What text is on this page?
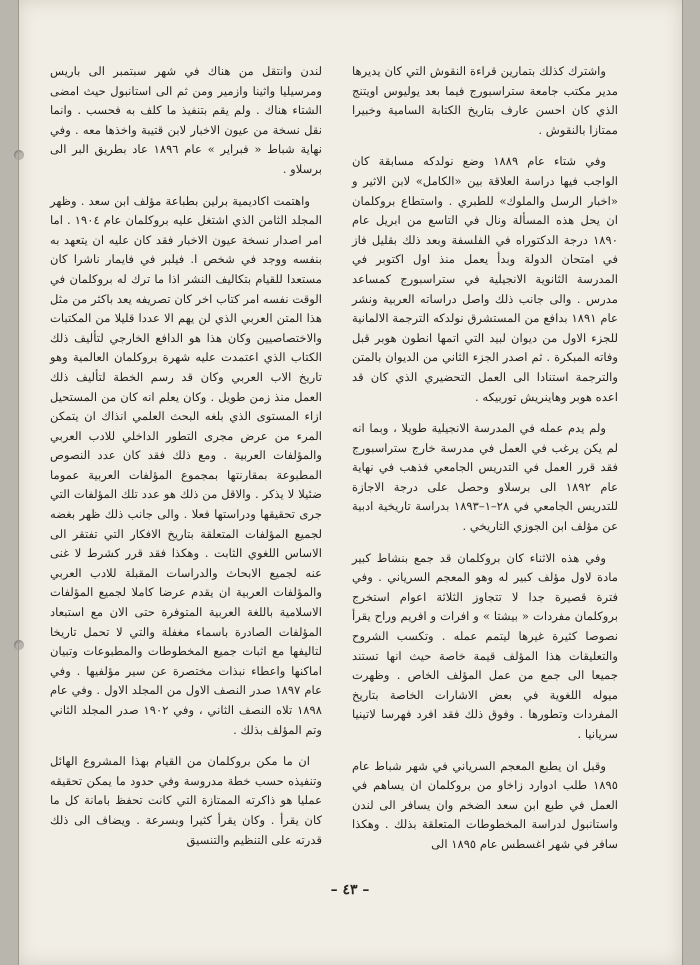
واشترك كذلك بتمارين قراءة النقوش التي كان يديرها مدير مكتب جامعة ستراسبورج فيما بعد يوليوس اويتنج الذي كان احسن عارف بتاريخ الكتابة السامية وخبيرا ممتازا بالنقوش .

وفي شتاء عام ١٨٨٩ وضع نولدكه مسابقة كان الواجب فيها دراسة العلاقة بين «الكامل» لابن الاثير و «اخبار الرسل والملوك» للطبري . واستطاع بروكلمان ان يحل هذه المسألة ونال في التاسع من ابريل عام ١٨٩٠ درجة الدكتوراه في الفلسفة وبعد ذلك بقليل فاز في امتحان الدولة وبدأ يعمل منذ اول اكتوبر في المدرسة الثانوية الانجيلية في ستراسبورج كمساعد مدرس . والى جانب ذلك واصل دراساته العربية ونشر عام ١٨٩١ بدافع من المستشرق نولدكه الترجمة الالمانية للجزء الاول من ديوان لبيد التي اتمها انطون هوبر قبل وفاته المبكرة . ثم اصدر الجزء الثاني من الديوان بالمتن والترجمة استنادا الى العمل التحضيري الذي كان قد اعده هوبر وهاينريش توربيكه .

ولم يدم عمله في المدرسة الانجيلية طويلا ، وبما انه لم يكن يرغب في العمل في مدرسة خارج ستراسبورج فقد قرر العمل في التدريس الجامعي فذهب في نهاية عام ١٨٩٢ الى برسلاو وحصل على درجة الاجازة للتدريس الجامعي في ٢٨–١–١٨٩٣ بدراسة تاريخية ادبية عن مؤلف ابن الجوزي التاريخي .

وفي هذه الاثناء كان بروكلمان قد جمع بنشاط كبير مادة لاول مؤلف كبير له وهو المعجم السرياني . وفي فترة قصيرة جدا لا تتجاوز الثلاثة اعوام استخرج بروكلمان مفردات « بيشتا » و افرات و افريم وراح يقرأ نصوصا كثيرة غيرها ليتمم عمله . وتكسب الشروح والتعليقات هذا المؤلف قيمة خاصة حيث انها تستند جميعا الى جمع من عمل المؤلف الخاص . وظهرت ميوله اللغوية في بعض الاشارات الخاصة بتاريخ المفردات وتطورها . وفوق ذلك فقد افرد فهرسا لاتينيا سريانيا .

وقبل ان يطبع المعجم السرياني في شهر شباط عام ١٨٩٥ طلب ادوارد زاخاو من بروكلمان ان يساهم في العمل في طبع ابن سعد الضخم وان يسافر الى لندن واستانبول لدراسة المخطوطات المتعلقة بذلك . وهكذا سافر في شهر اغسطس عام ١٨٩٥ الى

لندن وانتقل من هناك في شهر سبتمبر الى باريس ومرسيليا واثينا وازمير ومن ثم الى استانبول حيث امضى الشتاء هناك . ولم يقم بتنفيذ ما كلف به فحسب . وانما نقل نسخة من عيون الاخبار لابن قتيبة واخذها معه . وفي نهاية شباط « فبراير » عام ١٨٩٦ عاد بطريق البر الى برسلاو .

واهتمت اكاديمية برلين بطباعة مؤلف ابن سعد . وظهر المجلد الثامن الذي اشتغل عليه بروكلمان عام ١٩٠٤ . اما امر اصدار نسخة عيون الاخبار فقد كان عليه ان يتعهد به بنفسه ووجد في شخص ا. فيلبر في فايمار ناشرا كان مستعدا للقيام بتكاليف النشر اذا ما ترك له بروكلمان في الوقت نفسه امر كتاب اخر كان تصريفه يعد باكثر من مثل هذا المتن العربي الذي لن يهم الا عددا قليلا من المكتبات والاختصاصيين وكان هذا هو الدافع الخارجي لتأليف ذلك الكتاب الذي اعتمدت عليه شهرة بروكلمان العالمية وهو تاريخ الاب العربي وكان قد رسم الخطة لتأليف ذلك العمل منذ زمن طويل . وكان يعلم انه كان من المستحيل ازاء المستوى الذي بلغه البحث العلمي انذاك ان يتمكن المرء من عرض مجرى التطور الداخلي للادب العربي والمؤلفات العربية . ومع ذلك فقد كان عدد النصوص المطبوعة بمقارنتها بمجموع المؤلفات العربية عموما ضئيلا لا يذكر . والاقل من ذلك هو عدد تلك المؤلفات التي جرى تحقيقها ودراستها فعلا . والى جانب ذلك ظهر بغضه لجميع المؤلفات المتعلقة بتاريخ الافكار التي تفتقر الى الاساس اللغوي الثابت . وهكذا فقد قرر كشرط لا غنى عنه لجميع الابحاث والدراسات المقبلة للادب العربي والمؤلفات العربية ان يقدم عرضا كاملا لجميع المؤلفات الاسلامية باللغة العربية المتوفرة حتى الان مع استبعاد المؤلفات الصادرة باسماء مغفلة والتي لا تحمل تاريخا لتاليفها مع اثبات جميع المخطوطات والمطبوعات وتبيان اماكنها واعطاء نبذات مختصرة عن سير مؤلفيها . وفي عام ١٨٩٧ صدر النصف الاول من المجلد الاول . وفي عام ١٨٩٨ تلاه النصف الثاني ، وفي ١٩٠٢ صدر المجلد الثاني وتم المؤلف بذلك .

ان ما مكن بروكلمان من القيام بهذا المشروع الهائل وتنفيذه حسب خطة مدروسة وفي حدود ما يمكن تحقيقه عمليا هو ذاكرته الممتازة التي كانت تحفظ بامانة كل ما كان يقرأ . وكان يقرأ كثيرا وبسرعة . ويضاف الى ذلك قدرته على التنظيم والتنسيق

– ٤٣ –
